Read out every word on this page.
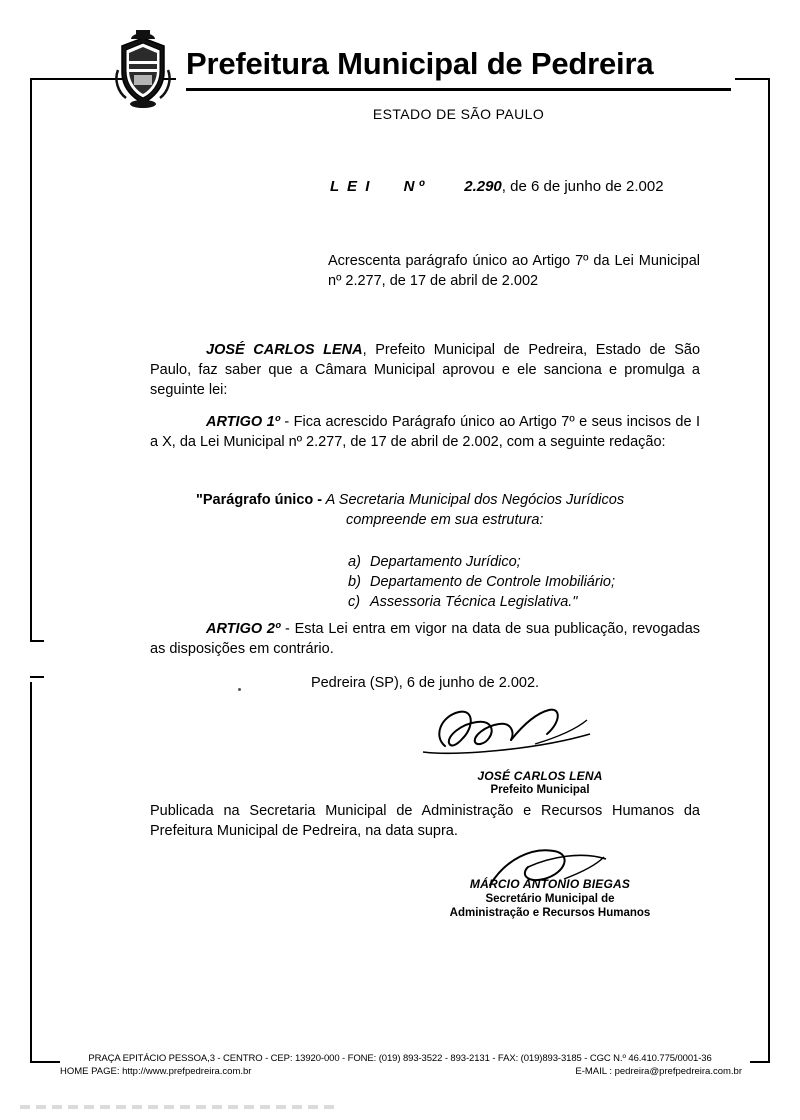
Prefeitura Municipal de Pedreira
ESTADO DE SÃO PAULO
L E I N º	2.290, de 6 de junho de 2.002
Acrescenta parágrafo único ao Artigo 7º da Lei Municipal nº 2.277, de 17 de abril de 2.002
JOSÉ CARLOS LENA, Prefeito Municipal de Pedreira, Estado de São Paulo, faz saber que a Câmara Municipal aprovou e ele sanciona e promulga a seguinte lei:
ARTIGO 1º - Fica acrescido Parágrafo único ao Artigo 7º e seus incisos de I a X, da Lei Municipal nº 2.277, de 17 de abril de 2.002, com a seguinte redação:
"Parágrafo único - A Secretaria Municipal dos Negócios Jurídicos
compreende em sua estrutura:
a) Departamento Jurídico;
b) Departamento de Controle Imobiliário;
c) Assessoria Técnica Legislativa."
ARTIGO 2º - Esta Lei entra em vigor na data de sua publicação, revogadas as disposições em contrário.
Pedreira (SP), 6 de junho de 2.002.
JOSÉ CARLOS LENA
Prefeito Municipal
Publicada na Secretaria Municipal de Administração e Recursos Humanos da Prefeitura Municipal de Pedreira, na data supra.
MÁRCIO ANTONIO BIEGAS
Secretário Municipal de
Administração e Recursos Humanos
PRAÇA EPITÁCIO PESSOA,3 - CENTRO - CEP: 13920-000 - FONE: (019) 893-3522 - 893-2131 - FAX: (019)893-3185 - CGC N.º 46.410.775/0001-36
HOME PAGE: http://www.prefpedreira.com.br	E-MAIL : pedreira@prefpedreira.com.br
